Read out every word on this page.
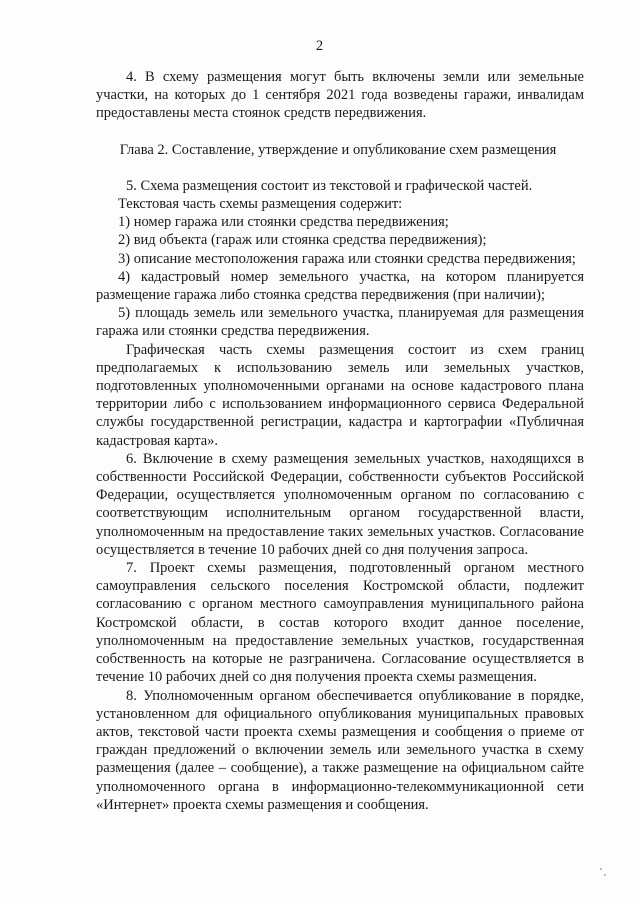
2

4. В схему размещения могут быть включены земли или земельные участки, на которых до 1 сентября 2021 года возведены гаражи, инвалидам предоставлены места стоянок средств передвижения.

Глава 2. Составление, утверждение и опубликование схем размещения

5. Схема размещения состоит из текстовой и графической частей.

Текстовая часть схемы размещения содержит:

1) номер гаража или стоянки средства передвижения;

2) вид объекта (гараж или стоянка средства передвижения);

3) описание местоположения гаража или стоянки средства передвижения;

4) кадастровый номер земельного участка, на котором планируется размещение гаража либо стоянка средства передвижения (при наличии);

5) площадь земель или земельного участка, планируемая для размещения гаража или стоянки средства передвижения.

Графическая часть схемы размещения состоит из схем границ предполагаемых к использованию земель или земельных участков, подготовленных уполномоченными органами на основе кадастрового плана территории либо с использованием информационного сервиса Федеральной службы государственной регистрации, кадастра и картографии «Публичная кадастровая карта».

6. Включение в схему размещения земельных участков, находящихся в собственности Российской Федерации, собственности субъектов Российской Федерации, осуществляется уполномоченным органом по согласованию с соответствующим исполнительным органом государственной власти, уполномоченным на предоставление таких земельных участков. Согласование осуществляется в течение 10 рабочих дней со дня получения запроса.

7. Проект схемы размещения, подготовленный органом местного самоуправления сельского поселения Костромской области, подлежит согласованию с органом местного самоуправления муниципального района Костромской области, в состав которого входит данное поселение, уполномоченным на предоставление земельных участков, государственная собственность на которые не разграничена. Согласование осуществляется в течение 10 рабочих дней со дня получения проекта схемы размещения.

8. Уполномоченным органом обеспечивается опубликование в порядке, установленном для официального опубликования муниципальных правовых актов, текстовой части проекта схемы размещения и сообщения о приеме от граждан предложений о включении земель или земельного участка в схему размещения (далее – сообщение), а также размещение на официальном сайте уполномоченного органа в информационно-телекоммуникационной сети «Интернет» проекта схемы размещения и сообщения.
